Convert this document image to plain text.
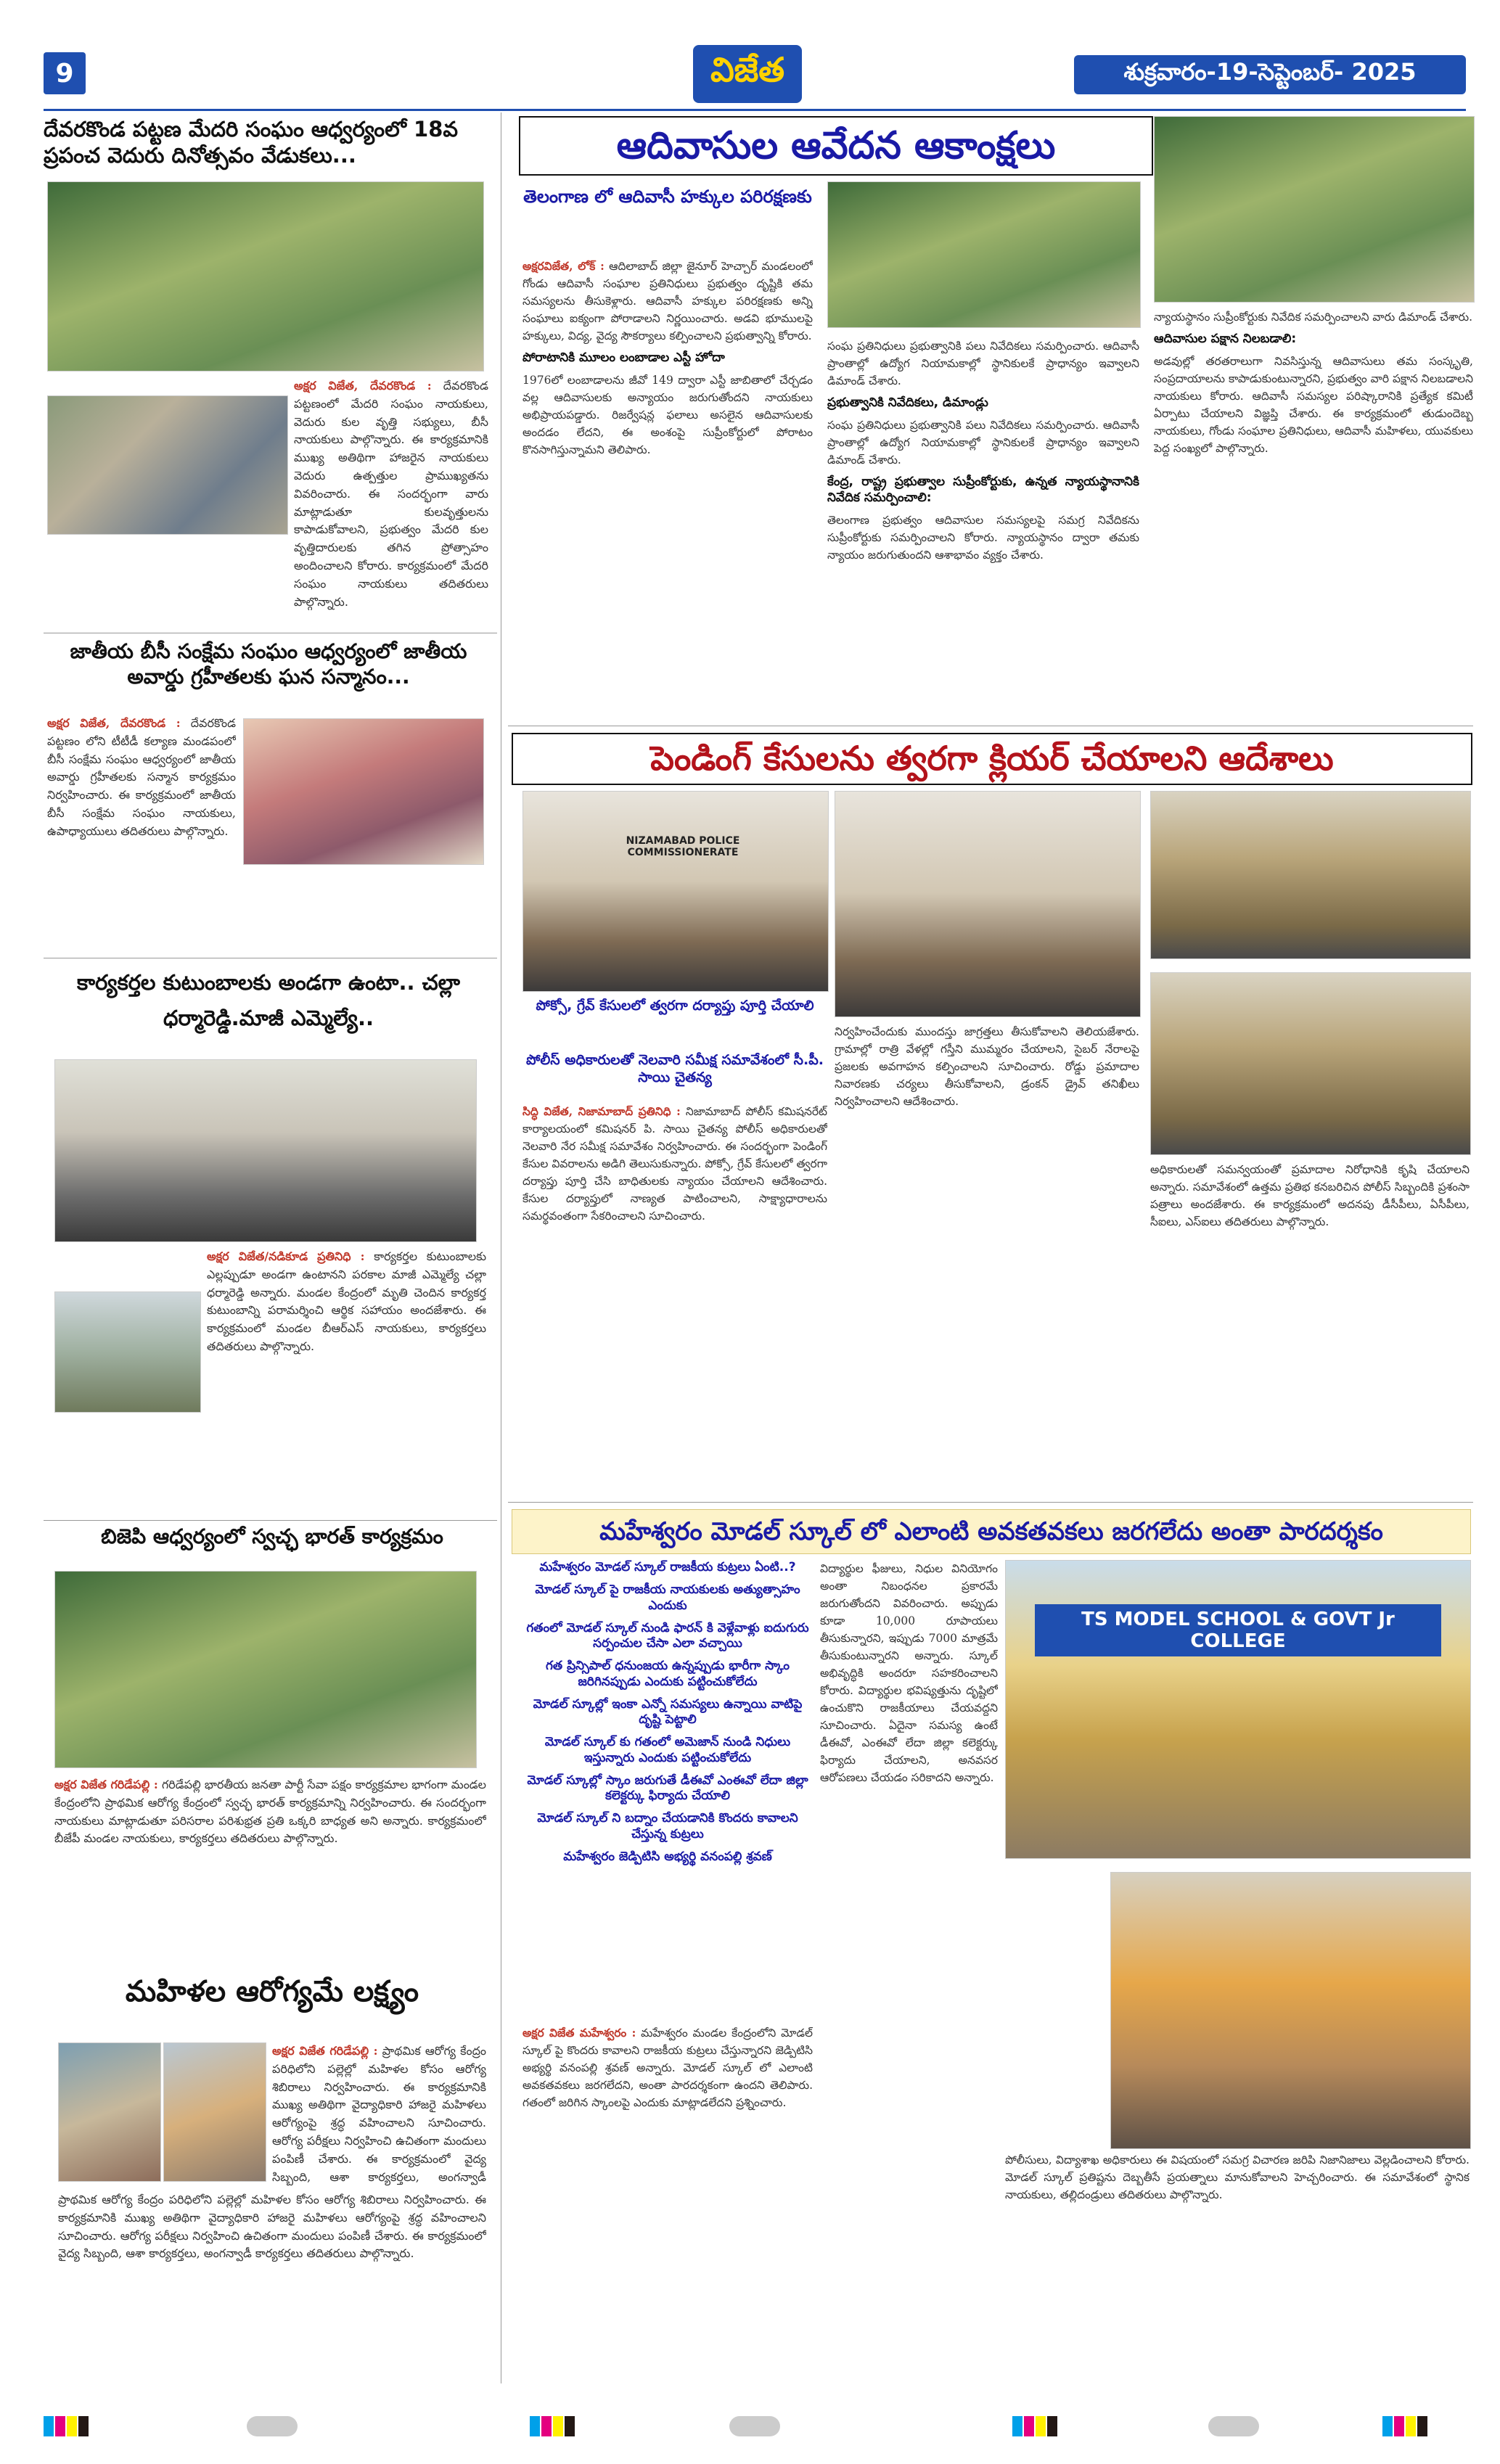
9	విజేత	శుక్రవారం-19-సెప్టెంబర్- 2025
దేవరకొండ పట్టణ మేదరి సంఘం ఆధ్వర్యంలో 18వ ప్రపంచ వెదురు దినోత్సవం వేడుకలు...
అక్షర విజేత, దేవరకొండ : దేవరకొండ పట్టణంలో మేదరి సంఘం నాయకులు, వెదురు కుల వృత్తి సభ్యులు, బీసీ నాయకులు పాల్గొన్నారు. ఈ కార్యక్రమానికి ముఖ్య అతిథిగా హాజరైన నాయకులు వెదురు ఉత్పత్తుల ప్రాముఖ్యతను వివరించారు. ఈ సందర్భంగా వారు మాట్లాడుతూ కులవృత్తులను కాపాడుకోవాలని, ప్రభుత్వం మేదరి కుల వృత్తిదారులకు తగిన ప్రోత్సాహం అందించాలని కోరారు. కార్యక్రమంలో మేదరి సంఘం నాయకులు తదితరులు పాల్గొన్నారు.
జాతీయ బీసీ సంక్షేమ సంఘం ఆధ్వర్యంలో జాతీయ అవార్డు గ్రహీతలకు ఘన సన్మానం...
అక్షర విజేత, దేవరకొండ : దేవరకొండ పట్టణం లోని టీటీడీ కల్యాణ మండపంలో బీసీ సంక్షేమ సంఘం ఆధ్వర్యంలో జాతీయ అవార్డు గ్రహీతలకు సన్మాన కార్యక్రమం నిర్వహించారు. ఈ కార్యక్రమంలో జాతీయ బీసీ సంక్షేమ సంఘం నాయకులు, ఉపాధ్యాయులు తదితరులు పాల్గొన్నారు.
కార్యకర్తల కుటుంబాలకు అండగా ఉంటా.. చల్లా ధర్మారెడ్డి.మాజీ ఎమ్మెల్యే..
అక్షర విజేత/నడికూడ ప్రతినిధి : కార్యకర్తల కుటుంబాలకు ఎల్లప్పుడూ అండగా ఉంటానని పరకాల మాజీ ఎమ్మెల్యే చల్లా ధర్మారెడ్డి అన్నారు. మండల కేంద్రంలో మృతి చెందిన కార్యకర్త కుటుంబాన్ని పరామర్శించి ఆర్థిక సహాయం అందజేశారు. ఈ కార్యక్రమంలో మండల బీఆర్ఎస్ నాయకులు, కార్యకర్తలు తదితరులు పాల్గొన్నారు.
బిజెపి ఆధ్వర్యంలో స్వచ్ఛ భారత్ కార్యక్రమం
అక్షర విజేత గరిడేపల్లి : గరిడేపల్లి భారతీయ జనతా పార్టీ సేవా పక్షం కార్యక్రమాల భాగంగా మండల కేంద్రంలోని ప్రాథమిక ఆరోగ్య కేంద్రంలో స్వచ్ఛ భారత్ కార్యక్రమాన్ని నిర్వహించారు. ఈ సందర్భంగా నాయకులు మాట్లాడుతూ పరిసరాల పరిశుభ్రత ప్రతి ఒక్కరి బాధ్యత అని అన్నారు. కార్యక్రమంలో బీజేపీ మండల నాయకులు, కార్యకర్తలు తదితరులు పాల్గొన్నారు.
మహిళల ఆరోగ్యమే లక్ష్యం
అక్షర విజేత గరిడేపల్లి : ప్రాథమిక ఆరోగ్య కేంద్రం పరిధిలోని పల్లెల్లో మహిళల కోసం ఆరోగ్య శిబిరాలు నిర్వహించారు. ఈ కార్యక్రమానికి ముఖ్య అతిథిగా వైద్యాధికారి హాజరై మహిళలు ఆరోగ్యంపై శ్రద్ధ వహించాలని సూచించారు. ఆరోగ్య పరీక్షలు నిర్వహించి ఉచితంగా మందులు పంపిణీ చేశారు. ఈ కార్యక్రమంలో వైద్య సిబ్బంది, ఆశా కార్యకర్తలు, అంగన్వాడీ
ప్రాథమిక ఆరోగ్య కేంద్రం పరిధిలోని పల్లెల్లో మహిళల కోసం ఆరోగ్య శిబిరాలు నిర్వహించారు. ఈ కార్యక్రమానికి ముఖ్య అతిథిగా వైద్యాధికారి హాజరై మహిళలు ఆరోగ్యంపై శ్రద్ధ వహించాలని సూచించారు. ఆరోగ్య పరీక్షలు నిర్వహించి ఉచితంగా మందులు పంపిణీ చేశారు. ఈ కార్యక్రమంలో వైద్య సిబ్బంది, ఆశా కార్యకర్తలు, అంగన్వాడీ కార్యకర్తలు తదితరులు పాల్గొన్నారు.
ఆదివాసుల ఆవేదన ఆకాంక్షలు
తెలంగాణ లో ఆదివాసీ హక్కుల పరిరక్షణకు
అక్షరవిజేత, లోక్ : ఆదిలాబాద్ జిల్లా జైనూర్ హెచ్చార్ మండలంలో గోండు ఆదివాసీ సంఘాల ప్రతినిధులు ప్రభుత్వం దృష్టికి తమ సమస్యలను తీసుకెళ్లారు. ఆదివాసీ హక్కుల పరిరక్షణకు అన్ని సంఘాలు ఐక్యంగా పోరాడాలని నిర్ణయించారు. అడవి భూములపై హక్కులు, విద్య, వైద్య సౌకర్యాలు కల్పించాలని ప్రభుత్వాన్ని కోరారు.
పోరాటానికి మూలం లంబాడాల ఎస్టీ హోదా
1976లో లంబాడాలను జీవో 149 ద్వారా ఎస్టీ జాబితాలో చేర్చడం వల్ల ఆదివాసులకు అన్యాయం జరుగుతోందని నాయకులు అభిప్రాయపడ్డారు. రిజర్వేషన్ల ఫలాలు అసలైన ఆదివాసులకు అందడం లేదని, ఈ అంశంపై సుప్రీంకోర్టులో పోరాటం కొనసాగిస్తున్నామని తెలిపారు.
సంఘ ప్రతినిధులు ప్రభుత్వానికి పలు నివేదికలు సమర్పించారు. ఆదివాసీ ప్రాంతాల్లో ఉద్యోగ నియామకాల్లో స్థానికులకే ప్రాధాన్యం ఇవ్వాలని డిమాండ్ చేశారు.
ప్రభుత్వానికి నివేదికలు, డిమాండ్లు
సంఘ ప్రతినిధులు ప్రభుత్వానికి పలు నివేదికలు సమర్పించారు. ఆదివాసీ ప్రాంతాల్లో ఉద్యోగ నియామకాల్లో స్థానికులకే ప్రాధాన్యం ఇవ్వాలని డిమాండ్ చేశారు.
కేంద్ర, రాష్ట్ర ప్రభుత్వాల సుప్రీంకోర్టుకు, ఉన్నత న్యాయస్థానానికి నివేదిక సమర్పించాలి:
తెలంగాణ ప్రభుత్వం ఆదివాసుల సమస్యలపై సమగ్ర నివేదికను సుప్రీంకోర్టుకు సమర్పించాలని కోరారు. న్యాయస్థానం ద్వారా తమకు న్యాయం జరుగుతుందని ఆశాభావం వ్యక్తం చేశారు.
న్యాయస్థానం సుప్రీంకోర్టుకు నివేదిక సమర్పించాలని వారు డిమాండ్ చేశారు.
ఆదివాసుల పక్షాన నిలబడాలి:
అడవుల్లో తరతరాలుగా నివసిస్తున్న ఆదివాసులు తమ సంస్కృతి, సంప్రదాయాలను కాపాడుకుంటున్నారని, ప్రభుత్వం వారి పక్షాన నిలబడాలని నాయకులు కోరారు. ఆదివాసీ సమస్యల పరిష్కారానికి ప్రత్యేక కమిటీ ఏర్పాటు చేయాలని విజ్ఞప్తి చేశారు. ఈ కార్యక్రమంలో తుడుందెబ్బ నాయకులు, గోండు సంఘాల ప్రతినిధులు, ఆదివాసీ మహిళలు, యువకులు పెద్ద సంఖ్యలో పాల్గొన్నారు.
పెండింగ్ కేసులను త్వరగా క్లియర్ చేయాలని ఆదేశాలు
NIZAMABAD POLICE COMMISSIONERATE
పోక్సో, గ్రేవ్ కేసులలో త్వరగా దర్యాప్తు పూర్తి చేయాలి
పోలీస్ అధికారులతో నెలవారి సమీక్ష సమావేశంలో సీ.పీ. సాయి చైతన్య
సిద్ధి విజేత, నిజామాబాద్ ప్రతినిధి : నిజామాబాద్ పోలీస్ కమిషనరేట్ కార్యాలయంలో కమిషనర్ పి. సాయి చైతన్య పోలీస్ అధికారులతో నెలవారి నేర సమీక్ష సమావేశం నిర్వహించారు. ఈ సందర్భంగా పెండింగ్ కేసుల వివరాలను అడిగి తెలుసుకున్నారు. పోక్సో, గ్రేవ్ కేసులలో త్వరగా దర్యాప్తు పూర్తి చేసి బాధితులకు న్యాయం చేయాలని ఆదేశించారు. కేసుల దర్యాప్తులో నాణ్యత పాటించాలని, సాక్ష్యాధారాలను సమర్థవంతంగా సేకరించాలని సూచించారు.
నిర్వహించేందుకు ముందస్తు జాగ్రత్తలు తీసుకోవాలని తెలియజేశారు. గ్రామాల్లో రాత్రి వేళల్లో గస్తీని ముమ్మరం చేయాలని, సైబర్ నేరాలపై ప్రజలకు అవగాహన కల్పించాలని సూచించారు. రోడ్డు ప్రమాదాల నివారణకు చర్యలు తీసుకోవాలని, డ్రంకన్ డ్రైవ్ తనిఖీలు నిర్వహించాలని ఆదేశించారు.
అధికారులతో సమన్వయంతో ప్రమాదాల నిరోధానికి కృషి చేయాలని అన్నారు. సమావేశంలో ఉత్తమ ప్రతిభ కనబరిచిన పోలీస్ సిబ్బందికి ప్రశంసా పత్రాలు అందజేశారు. ఈ కార్యక్రమంలో అదనపు డీసీపీలు, ఏసీపీలు, సీఐలు, ఎస్ఐలు తదితరులు పాల్గొన్నారు.
మహేశ్వరం మోడల్ స్కూల్ లో ఎలాంటి అవకతవకలు జరగలేదు అంతా పారదర్శకం
మహేశ్వరం మోడల్ స్కూల్ రాజకీయ కుట్రలు ఏంటి..?
మోడల్ స్కూల్ పై రాజకీయ నాయకులకు అత్యుత్సాహం ఎందుకు
గతంలో మోడల్ స్కూల్ నుండి ఫారన్ కి వెళ్లేవాళ్లు ఐదుగురు సర్పంచుల చేసా ఎలా వచ్చాయి
గత ప్రిన్సిపాల్ ధనుంజయ ఉన్నప్పుడు భారీగా స్కాం జరిగినప్పుడు ఎందుకు పట్టించుకోలేదు
మోడల్ స్కూల్లో ఇంకా ఎన్నో సమస్యలు ఉన్నాయి వాటిపై దృష్టి పెట్టాలి
మోడల్ స్కూల్ కు గతంలో అమెజాన్ నుండి నిధులు ఇస్తున్నారు ఎందుకు పట్టించుకోలేదు
మోడల్ స్కూల్లో స్కాం జరుగుతే డీఈవో ఎంఈవో లేదా జిల్లా కలెక్టర్కు ఫిర్యాదు చేయాలి
మోడల్ స్కూల్ ని బద్నాం చేయడానికి కొందరు కావాలని చేస్తున్న కుట్రలు
మహేశ్వరం జెడ్పిటిసి అభ్యర్థి వనంపల్లి శ్రవణ్
TS MODEL SCHOOL & GOVT Jr COLLEGE
విద్యార్థుల ఫీజులు, నిధుల వినియోగం అంతా నిబంధనల ప్రకారమే జరుగుతోందని వివరించారు. అప్పుడు కూడా 10,000 రూపాయలు తీసుకున్నారని, ఇప్పుడు 7000 మాత్రమే తీసుకుంటున్నారని అన్నారు. స్కూల్ అభివృద్ధికి అందరూ సహకరించాలని కోరారు. విద్యార్థుల భవిష్యత్తును దృష్టిలో ఉంచుకొని రాజకీయాలు చేయవద్దని సూచించారు. ఏదైనా సమస్య ఉంటే డీఈవో, ఎంఈవో లేదా జిల్లా కలెక్టర్కు ఫిర్యాదు చేయాలని, అనవసర ఆరోపణలు చేయడం సరికాదని అన్నారు.
అక్షర విజేత మహేశ్వరం : మహేశ్వరం మండల కేంద్రంలోని మోడల్ స్కూల్ పై కొందరు కావాలని రాజకీయ కుట్రలు చేస్తున్నారని జెడ్పిటిసి అభ్యర్థి వనంపల్లి శ్రవణ్ అన్నారు. మోడల్ స్కూల్ లో ఎలాంటి అవకతవకలు జరగలేదని, అంతా పారదర్శకంగా ఉందని తెలిపారు. గతంలో జరిగిన స్కాంలపై ఎందుకు మాట్లాడలేదని ప్రశ్నించారు.
పోలీసులు, విద్యాశాఖ అధికారులు ఈ విషయంలో సమగ్ర విచారణ జరిపి నిజానిజాలు వెల్లడించాలని కోరారు. మోడల్ స్కూల్ ప్రతిష్టను దెబ్బతీసే ప్రయత్నాలు మానుకోవాలని హెచ్చరించారు. ఈ సమావేశంలో స్థానిక నాయకులు, తల్లిదండ్రులు తదితరులు పాల్గొన్నారు.
